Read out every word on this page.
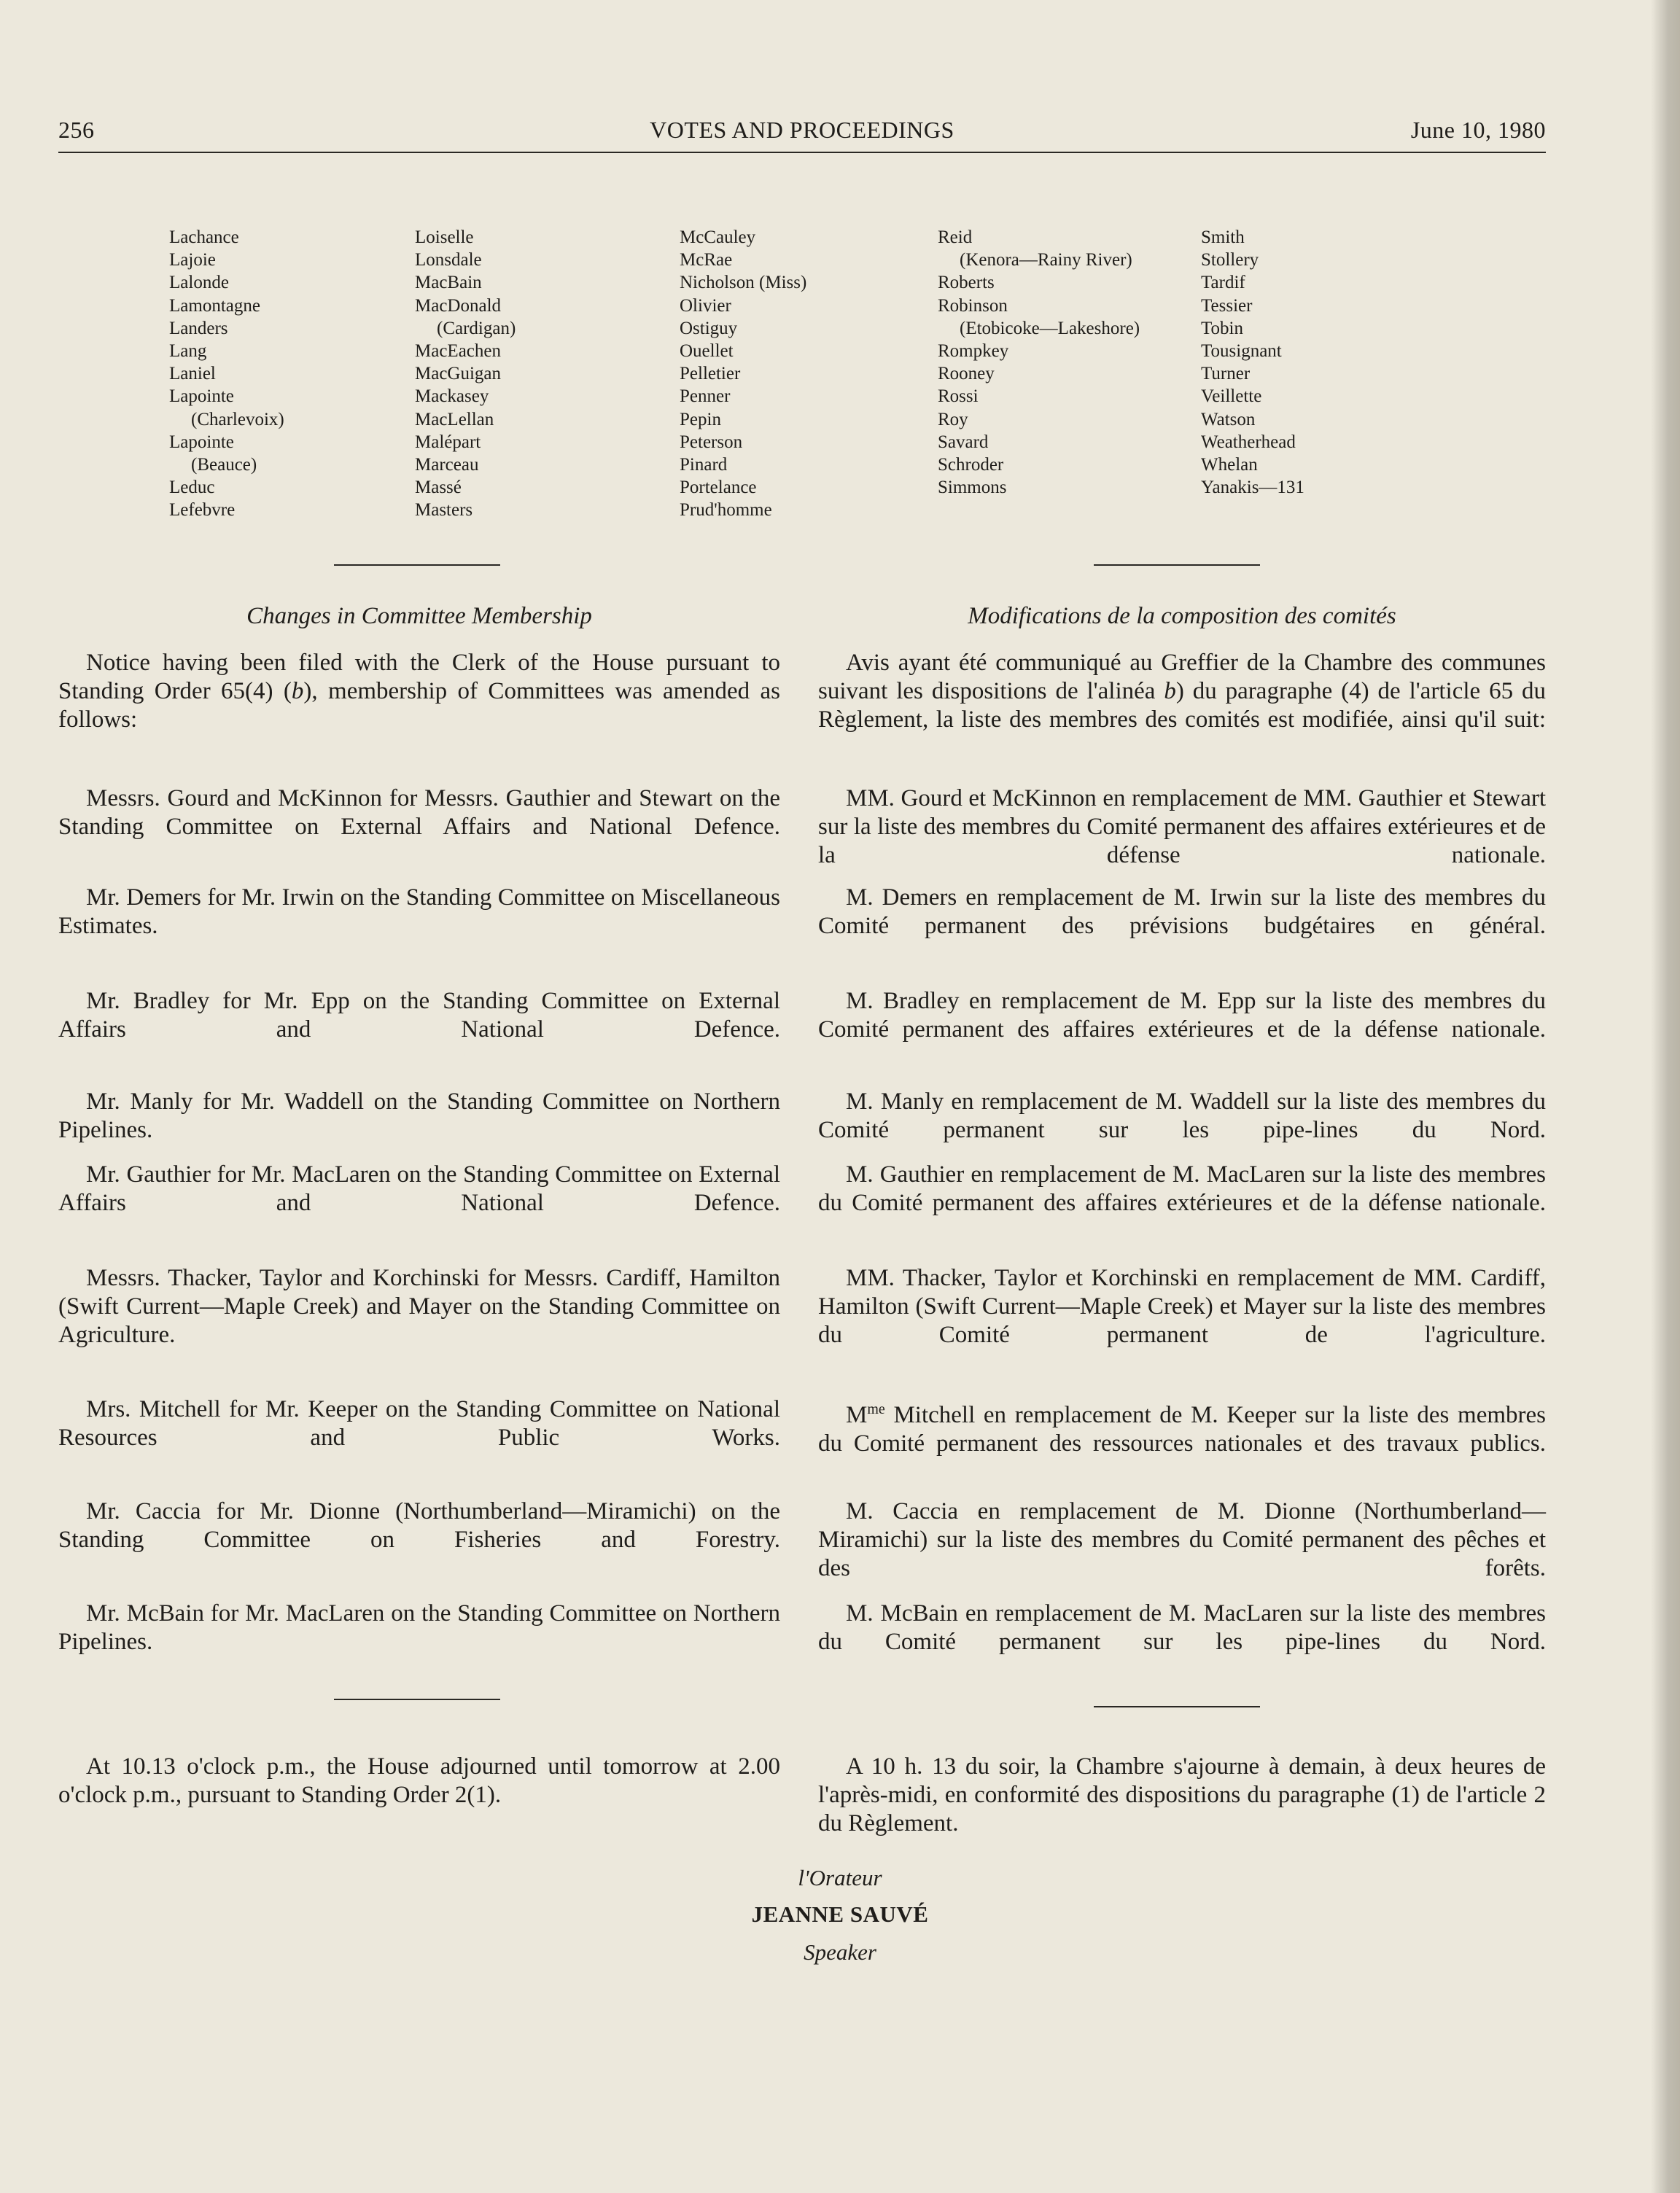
256	VOTES AND PROCEEDINGS	June 10, 1980
Lachance
Lajoie
Lalonde
Lamontagne
Landers
Lang
Laniel
Lapointe
(Charlevoix)
Lapointe
(Beauce)
Leduc
Lefebvre
Loiselle
Lonsdale
MacBain
MacDonald
(Cardigan)
MacEachen
MacGuigan
Mackasey
MacLellan
Malépart
Marceau
Massé
Masters
McCauley
McRae
Nicholson (Miss)
Olivier
Ostiguy
Ouellet
Pelletier
Penner
Pepin
Peterson
Pinard
Portelance
Prud'homme
Reid
(Kenora—Rainy River)
Roberts
Robinson
(Etobicoke—Lakeshore)
Rompkey
Rooney
Rossi
Roy
Savard
Schroder
Simmons
Smith
Stollery
Tardif
Tessier
Tobin
Tousignant
Turner
Veillette
Watson
Weatherhead
Whelan
Yanakis—131
Changes in Committee Membership
Notice having been filed with the Clerk of the House pursuant to Standing Order 65(4) (b), membership of Committees was amended as follows:
Messrs. Gourd and McKinnon for Messrs. Gauthier and Stewart on the Standing Committee on External Affairs and National Defence.
Mr. Demers for Mr. Irwin on the Standing Committee on Miscellaneous Estimates.
Mr. Bradley for Mr. Epp on the Standing Committee on External Affairs and National Defence.
Mr. Manly for Mr. Waddell on the Standing Committee on Northern Pipelines.
Mr. Gauthier for Mr. MacLaren on the Standing Committee on External Affairs and National Defence.
Messrs. Thacker, Taylor and Korchinski for Messrs. Cardiff, Hamilton (Swift Current—Maple Creek) and Mayer on the Standing Committee on Agriculture.
Mrs. Mitchell for Mr. Keeper on the Standing Committee on National Resources and Public Works.
Mr. Caccia for Mr. Dionne (Northumberland—Miramichi) on the Standing Committee on Fisheries and Forestry.
Mr. McBain for Mr. MacLaren on the Standing Committee on Northern Pipelines.
At 10.13 o'clock p.m., the House adjourned until tomorrow at 2.00 o'clock p.m., pursuant to Standing Order 2(1).
Modifications de la composition des comités
Avis ayant été communiqué au Greffier de la Chambre des communes suivant les dispositions de l'alinéa b) du paragraphe (4) de l'article 65 du Règlement, la liste des membres des comités est modifiée, ainsi qu'il suit:
MM. Gourd et McKinnon en remplacement de MM. Gauthier et Stewart sur la liste des membres du Comité permanent des affaires extérieures et de la défense nationale.
M. Demers en remplacement de M. Irwin sur la liste des membres du Comité permanent des prévisions budgétaires en général.
M. Bradley en remplacement de M. Epp sur la liste des membres du Comité permanent des affaires extérieures et de la défense nationale.
M. Manly en remplacement de M. Waddell sur la liste des membres du Comité permanent sur les pipe-lines du Nord.
M. Gauthier en remplacement de M. MacLaren sur la liste des membres du Comité permanent des affaires extérieures et de la défense nationale.
MM. Thacker, Taylor et Korchinski en remplacement de MM. Cardiff, Hamilton (Swift Current—Maple Creek) et Mayer sur la liste des membres du Comité permanent de l'agriculture.
$M^{me}$ Mitchell en remplacement de M. Keeper sur la liste des membres du Comité permanent des ressources nationales et des travaux publics.
M. Caccia en remplacement de M. Dionne (Northumberland—Miramichi) sur la liste des membres du Comité permanent des pêches et des forêts.
M. McBain en remplacement de M. MacLaren sur la liste des membres du Comité permanent sur les pipe-lines du Nord.
A 10 h. 13 du soir, la Chambre s'ajourne à demain, à deux heures de l'après-midi, en conformité des dispositions du paragraphe (1) de l'article 2 du Règlement.
l'Orateur
JEANNE SAUVÉ
Speaker
